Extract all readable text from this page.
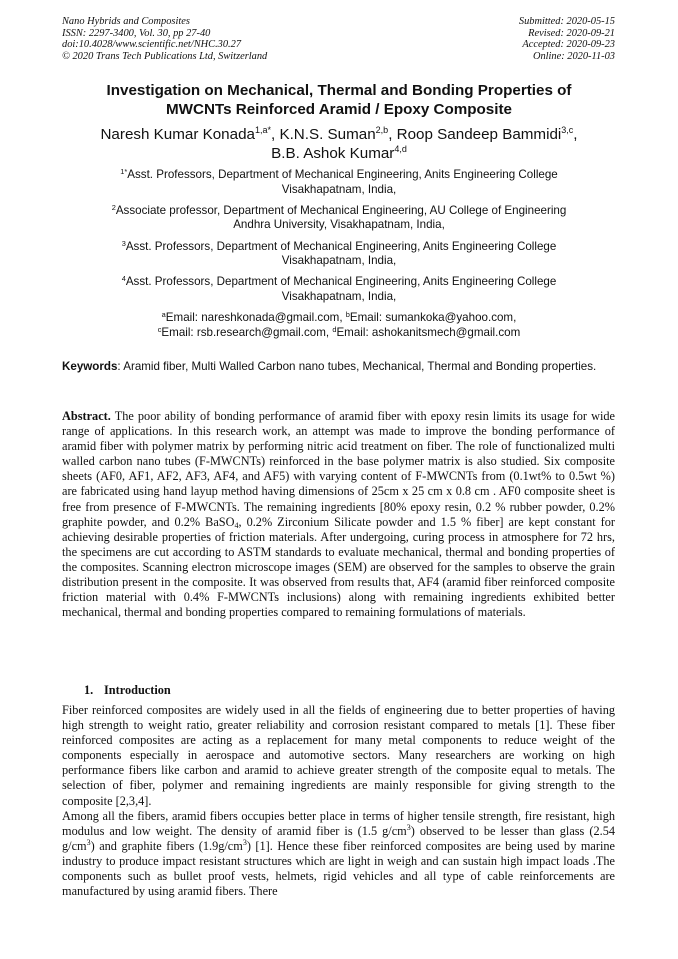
Nano Hybrids and Composites
ISSN: 2297-3400, Vol. 30, pp 27-40
doi:10.4028/www.scientific.net/NHC.30.27
© 2020 Trans Tech Publications Ltd, Switzerland
Submitted: 2020-05-15
Revised: 2020-09-21
Accepted: 2020-09-23
Online: 2020-11-03
Investigation on Mechanical, Thermal and Bonding Properties of
MWCNTs Reinforced Aramid / Epoxy Composite
Naresh Kumar Konada$^{1,a*}$, K.N.S. Suman$^{2,b}$, Roop Sandeep Bammidi$^{3,c}$,
B.B. Ashok Kumar$^{4,d}$
$^{1*}$Asst. Professors, Department of Mechanical Engineering, Anits Engineering College
Visakhapatnam, India,
$^2$Associate professor, Department of Mechanical Engineering, AU College of Engineering
Andhra University, Visakhapatnam, India,
$^3$Asst. Professors, Department of Mechanical Engineering, Anits Engineering College
Visakhapatnam, India,
$^4$Asst. Professors, Department of Mechanical Engineering, Anits Engineering College
Visakhapatnam, India,
$^a$Email: nareshkonada@gmail.com, $^b$Email: sumankoka@yahoo.com,
$^c$Email: rsb.research@gmail.com, $^d$Email: ashokanitsmech@gmail.com
Keywords: Aramid fiber, Multi Walled Carbon nano tubes, Mechanical, Thermal and Bonding properties.

Abstract. The poor ability of bonding performance of aramid fiber with epoxy resin limits its usage for wide range of applications. In this research work, an attempt was made to improve the bonding performance of aramid fiber with polymer matrix by performing nitric acid treatment on fiber. The role of functionalized multi walled carbon nano tubes (F-MWCNTs) reinforced in the base polymer matrix is also studied. Six composite sheets (AF0, AF1, AF2, AF3, AF4, and AF5) with varying content of F-MWCNTs from (0.1wt% to 0.5wt %) are fabricated using hand layup method having dimensions of 25cm x 25 cm x 0.8 cm . AF0 composite sheet is free from presence of F-MWCNTs. The remaining ingredients [80% epoxy resin, 0.2 % rubber powder, 0.2% graphite powder, and 0.2% BaSO$_4$, 0.2% Zirconium Silicate powder and 1.5 % fiber] are kept constant for achieving desirable properties of friction materials. After undergoing, curing process in atmosphere for 72 hrs, the specimens are cut according to ASTM standards to evaluate mechanical, thermal and bonding properties of the composites. Scanning electron microscope images (SEM) are observed for the samples to observe the grain distribution present in the composite. It was observed from results that, AF4 (aramid fiber reinforced composite friction material with 0.4% F-MWCNTs inclusions) along with remaining ingredients exhibited better mechanical, thermal and bonding properties compared to remaining formulations of materials.

1. Introduction

Fiber reinforced composites are widely used in all the fields of engineering due to better properties of having high strength to weight ratio, greater reliability and corrosion resistant compared to metals [1]. These fiber reinforced composites are acting as a replacement for many metal components to reduce weight of the components especially in aerospace and automotive sectors. Many researchers are working on high performance fibers like carbon and aramid to achieve greater strength of the composite equal to metals. The selection of fiber, polymer and remaining ingredients are mainly responsible for giving strength to the composite [2,3,4].

Among all the fibers, aramid fibers occupies better place in terms of higher tensile strength, fire resistant, high modulus and low weight. The density of aramid fiber is (1.5 $g/cm^3$) observed to be lesser than glass (2.54 $g/cm^3$) and graphite fibers $(1.9g/cm^3)$ [1]. Hence these fiber reinforced composites are being used by marine industry to produce impact resistant structures which are light in weigh and can sustain high impact loads .The components such as bullet proof vests, helmets, rigid vehicles and all type of cable reinforcements are manufactured by using aramid fibers. There
